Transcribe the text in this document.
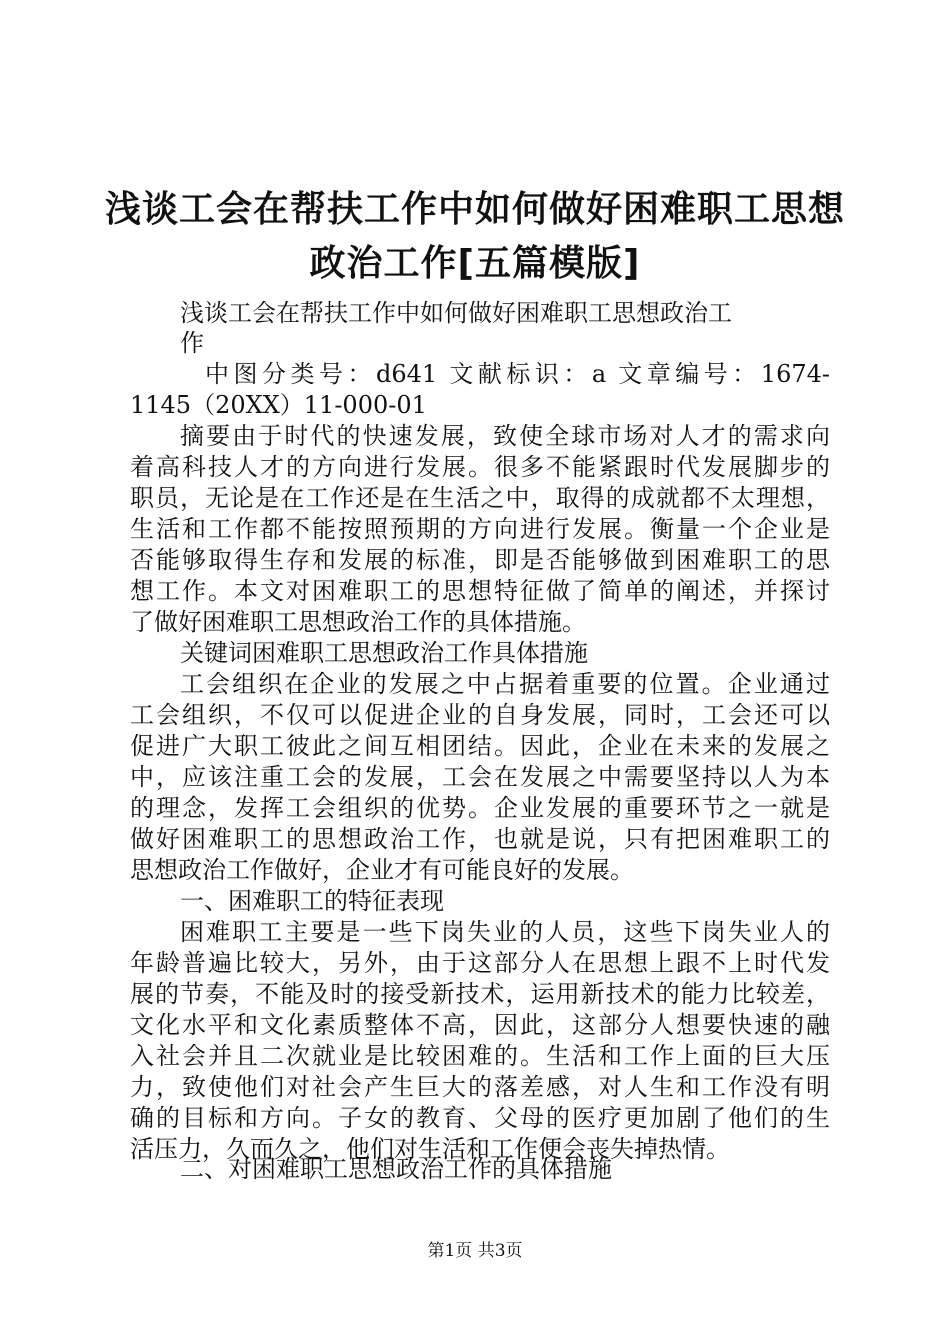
浅谈工会在帮扶工作中如何做好困难职工思想
政治工作[五篇模版]
浅谈工会在帮扶工作中如何做好困难职工思想政治工
作
中图分类号：d641 文献标识：a 文章编号：1674-
1145（20XX）11-000-01
摘要由于时代的快速发展，致使全球市场对人才的需求向
着高科技人才的方向进行发展。很多不能紧跟时代发展脚步的
职员，无论是在工作还是在生活之中，取得的成就都不太理想，
生活和工作都不能按照预期的方向进行发展。衡量一个企业是
否能够取得生存和发展的标准，即是否能够做到困难职工的思
想工作。本文对困难职工的思想特征做了简单的阐述，并探讨
了做好困难职工思想政治工作的具体措施。
关键词困难职工思想政治工作具体措施
工会组织在企业的发展之中占据着重要的位置。企业通过
工会组织，不仅可以促进企业的自身发展，同时，工会还可以
促进广大职工彼此之间互相团结。因此，企业在未来的发展之
中，应该注重工会的发展，工会在发展之中需要坚持以人为本
的理念，发挥工会组织的优势。企业发展的重要环节之一就是
做好困难职工的思想政治工作，也就是说，只有把困难职工的
思想政治工作做好，企业才有可能良好的发展。
一、困难职工的特征表现
困难职工主要是一些下岗失业的人员，这些下岗失业人的
年龄普遍比较大，另外，由于这部分人在思想上跟不上时代发
展的节奏，不能及时的接受新技术，运用新技术的能力比较差，
文化水平和文化素质整体不高，因此，这部分人想要快速的融
入社会并且二次就业是比较困难的。生活和工作上面的巨大压
力，致使他们对社会产生巨大的落差感，对人生和工作没有明
确的目标和方向。子女的教育、父母的医疗更加剧了他们的生
活压力，久而久之，他们对生活和工作便会丧失掉热情。
二、对困难职工思想政治工作的具体措施
第1页 共3页
